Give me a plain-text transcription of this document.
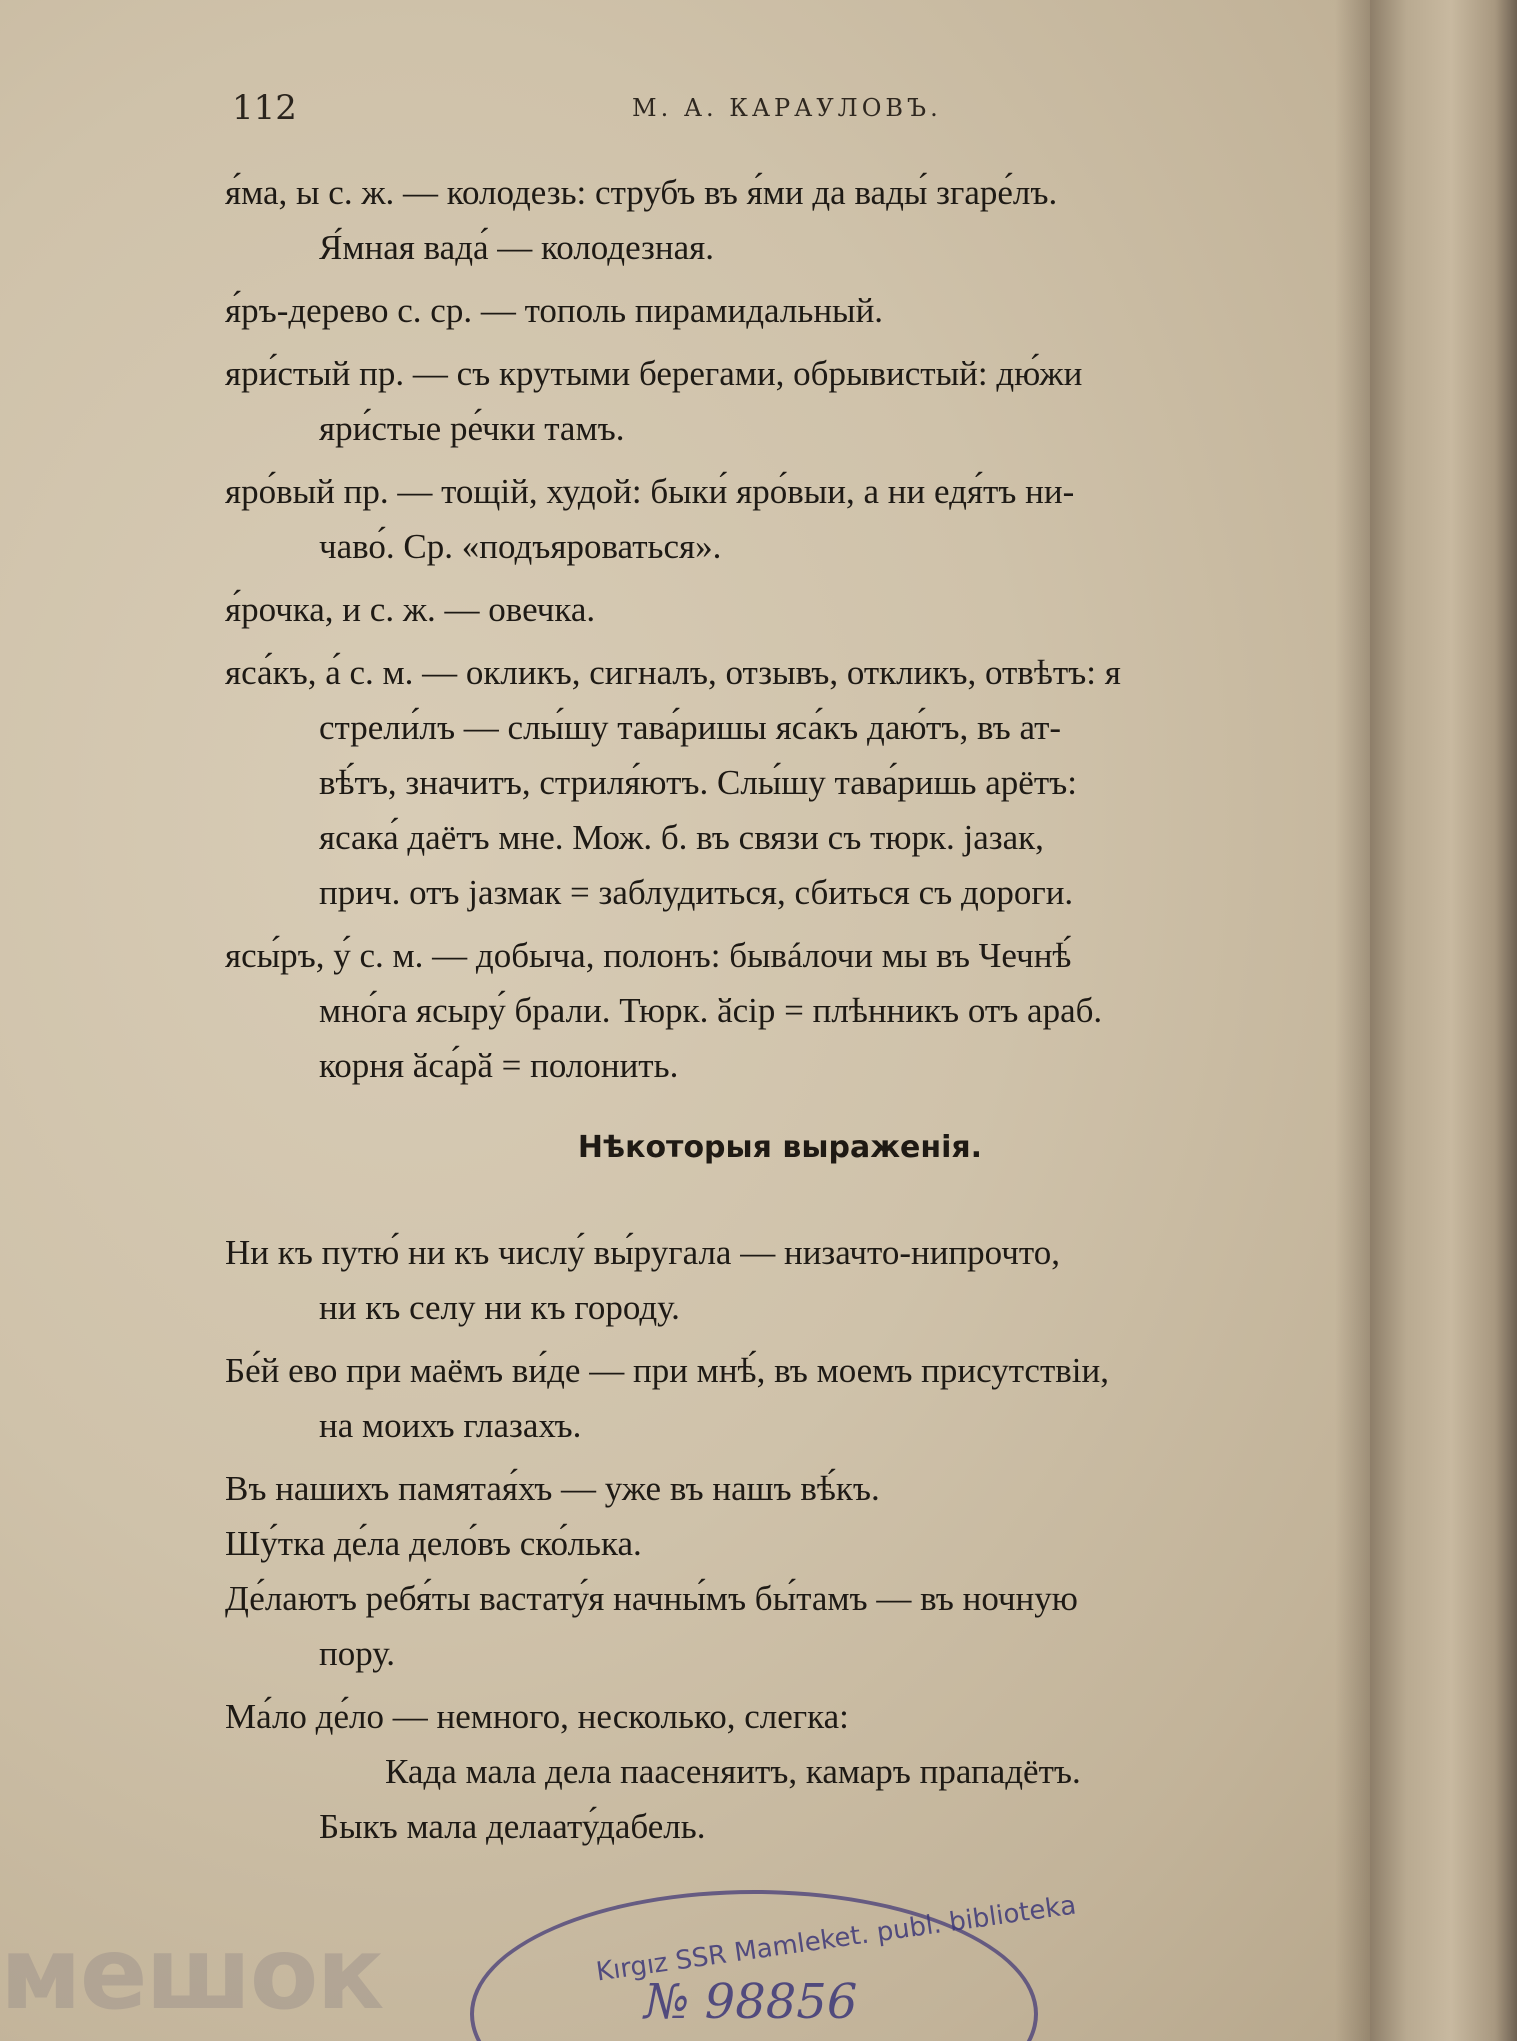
112	М. А. КАРАУЛОВЪ.
я́ма, ы с. ж. — колодезь: струбъ въ я́ми да вады́ згаре́лъ.
Я́мная вада́ — колодезная.
я́ръ-дерево с. ср. — тополь пирамидальный.
яри́стый пр. — съ крутыми берегами, обрывистый: дю́жи
яри́стые ре́чки тамъ.
яро́вый пр. — тощій, худой: быки́ яро́выи, а ни едя́тъ ни-
чаво́. Ср. «подъяроваться».
я́рочка, и с. ж. — овечка.
яса́къ, а́ с. м. — окликъ, сигналъ, отзывъ, откликъ, отвѣтъ: я
стрели́лъ — слы́шу тава́ришы яса́къ даю́тъ, въ ат-
вѣ́тъ, значитъ, стриля́ютъ. Слы́шу тава́ришь арётъ:
ясака́ даётъ мне. Мож. б. въ связи съ тюрк. јазак,
прич. отъ јазмак = заблудиться, сбиться съ дороги.
ясы́ръ, у́ с. м. — добыча, полонъ: бывáлочи мы въ Чечнѣ́
мно́га ясыру́ брали. Тюрк. ӑсір = плѣнникъ отъ араб.
корня ӑса́рӑ = полонить.
Нѣкоторыя выраженія.
Ни къ путю́ ни къ числу́ вы́ругала — низачто-нипрочто,
ни къ селу ни къ городу.
Бе́й ево при маёмъ ви́де — при мнѣ́, въ моемъ присутствіи,
на моихъ глазахъ.
Въ нашихъ памятая́хъ — уже въ нашъ вѣ́къ.
Шу́тка де́ла дело́въ ско́лька.
Де́лаютъ ребя́ты вастату́я начны́мъ бы́тамъ — въ ночную
пору.
Ма́ло де́ло — немного, несколько, слегка:
Када мала дела паасеняитъ, камаръ прападётъ.
Быкъ мала делаату́дабель.
мешок	Kırgız SSR Mamleket. publ. bibliotekа
№ 98856
